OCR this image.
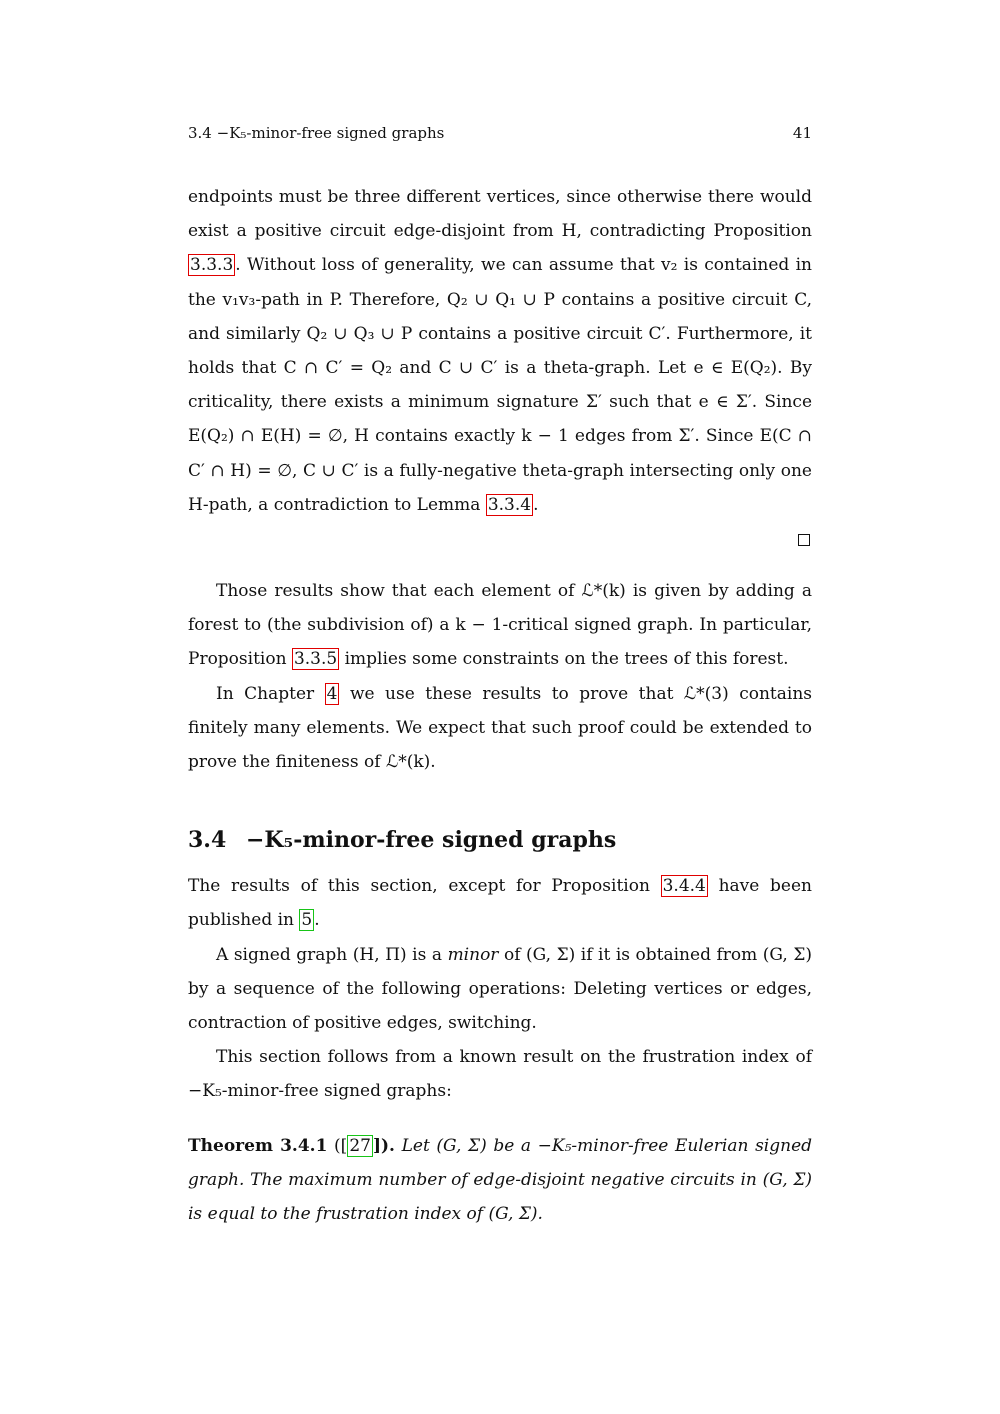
3.4 −K₅-minor-free signed graphs	41

endpoints must be three different vertices, since otherwise there would exist a positive circuit edge-disjoint from H, contradicting Proposition 3.3.3 . Without loss of generality, we can assume that v₂ is contained in the v₁v₃-path in P. Therefore, Q₂ ∪ Q₁ ∪ P contains a positive circuit C, and similarly Q₂ ∪ Q₃ ∪ P contains a positive circuit C′. Furthermore, it holds that C ∩ C′ = Q₂ and C ∪ C′ is a theta-graph. Let e ∈ E(Q₂). By criticality, there exists a minimum signature Σ′ such that e ∈ Σ′. Since E(Q₂) ∩ E(H) = ∅, H contains exactly k − 1 edges from Σ′. Since E(C ∩ C′ ∩ H) = ∅, C ∪ C′ is a fully-negative theta-graph intersecting only one H-path, a contradiction to Lemma 3.3.4 .

Those results show that each element of ℒ*(k) is given by adding a forest to (the subdivision of) a k − 1-critical signed graph. In particular, Proposition 3.3.5 implies some constraints on the trees of this forest.

In Chapter 4 we use these results to prove that ℒ*(3) contains finitely many elements. We expect that such proof could be extended to prove the finiteness of ℒ*(k).

3.4 −K₅-minor-free signed graphs

The results of this section, except for Proposition 3.4.4 have been published in 5 .

A signed graph (H, Π) is a minor of (G, Σ) if it is obtained from (G, Σ) by a sequence of the following operations: Deleting vertices or edges, contraction of positive edges, switching.

This section follows from a known result on the frustration index of −K₅-minor-free signed graphs:

Theorem 3.4.1 ([ 27 ]). Let (G, Σ) be a −K₅-minor-free Eulerian signed graph. The maximum number of edge-disjoint negative circuits in (G, Σ) is equal to the frustration index of (G, Σ).
